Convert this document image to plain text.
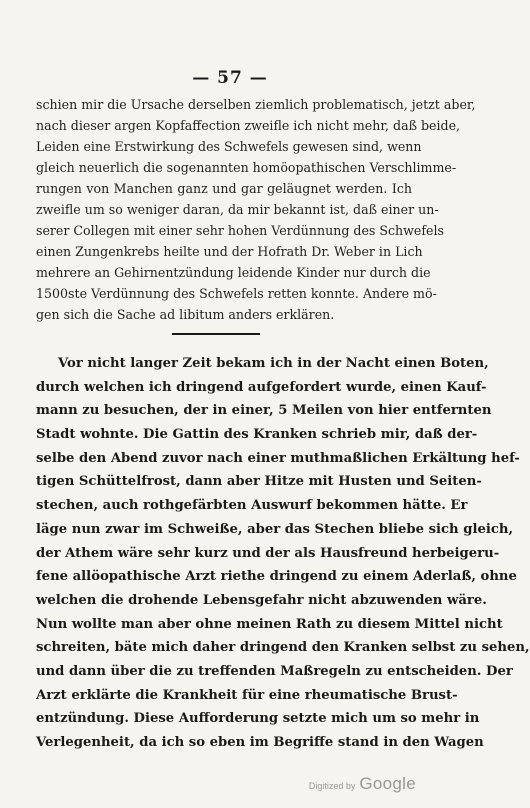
— 57 —
schien mir die Ursache derselben ziemlich problematisch, jetzt aber,
nach dieser argen Kopfaffection zweifle ich nicht mehr, daß beide,
Leiden eine Erstwirkung des Schwefels gewesen sind, wenn
gleich neuerlich die sogenannten homöopathischen Verschlimme-
rungen von Manchen ganz und gar geläugnet werden. Ich
zweifle um so weniger daran, da mir bekannt ist, daß einer un-
serer Collegen mit einer sehr hohen Verdünnung des Schwefels
einen Zungenkrebs heilte und der Hofrath Dr. Weber in Lich
mehrere an Gehirnentzündung leidende Kinder nur durch die
1500ste Verdünnung des Schwefels retten konnte. Andere mö-
gen sich die Sache ad libitum anders erklären.
Vor nicht langer Zeit bekam ich in der Nacht einen Boten,
durch welchen ich dringend aufgefordert wurde, einen Kauf-
mann zu besuchen, der in einer, 5 Meilen von hier entfernten
Stadt wohnte. Die Gattin des Kranken schrieb mir, daß der-
selbe den Abend zuvor nach einer muthmaßlichen Erkältung hef-
tigen Schüttelfrost, dann aber Hitze mit Husten und Seiten-
stechen, auch rothgefärbten Auswurf bekommen hätte. Er
läge nun zwar im Schweiße, aber das Stechen bliebe sich gleich,
der Athem wäre sehr kurz und der als Hausfreund herbeigeru-
fene allöopathische Arzt riethe dringend zu einem Aderlaß, ohne
welchen die drohende Lebensgefahr nicht abzuwenden wäre.
Nun wollte man aber ohne meinen Rath zu diesem Mittel nicht
schreiten, bäte mich daher dringend den Kranken selbst zu sehen,
und dann über die zu treffenden Maßregeln zu entscheiden. Der
Arzt erklärte die Krankheit für eine rheumatische Brust-
entzündung. Diese Aufforderung setzte mich um so mehr in
Verlegenheit, da ich so eben im Begriffe stand in den Wagen
Digitized by Google
